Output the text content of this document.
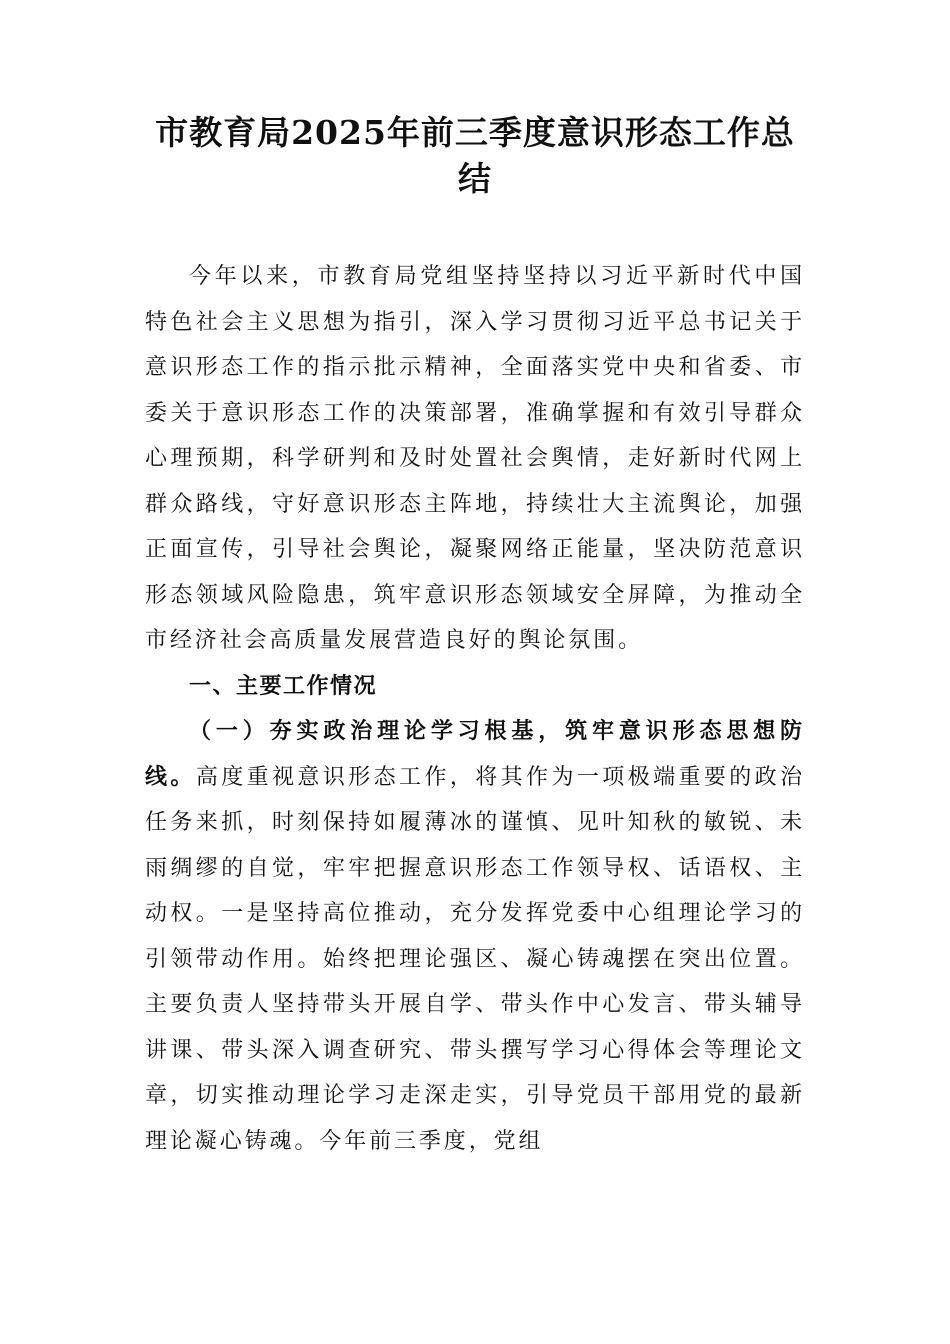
市教育局2025年前三季度意识形态工作总结

今年以来，市教育局党组坚持坚持以习近平新时代中国特色社会主义思想为指引，深入学习贯彻习近平总书记关于意识形态工作的指示批示精神，全面落实党中央和省委、市委关于意识形态工作的决策部署，准确掌握和有效引导群众心理预期，科学研判和及时处置社会舆情，走好新时代网上群众路线，守好意识形态主阵地，持续壮大主流舆论，加强正面宣传，引导社会舆论，凝聚网络正能量，坚决防范意识形态领域风险隐患，筑牢意识形态领域安全屏障，为推动全市经济社会高质量发展营造良好的舆论氛围。

一、主要工作情况

（一）夯实政治理论学习根基，筑牢意识形态思想防线。高度重视意识形态工作，将其作为一项极端重要的政治任务来抓，时刻保持如履薄冰的谨慎、见叶知秋的敏锐、未雨绸缪的自觉，牢牢把握意识形态工作领导权、话语权、主动权。一是坚持高位推动，充分发挥党委中心组理论学习的引领带动作用。始终把理论强区、凝心铸魂摆在突出位置。主要负责人坚持带头开展自学、带头作中心发言、带头辅导讲课、带头深入调查研究、带头撰写学习心得体会等理论文章，切实推动理论学习走深走实，引导党员干部用党的最新理论凝心铸魂。今年前三季度，党组
